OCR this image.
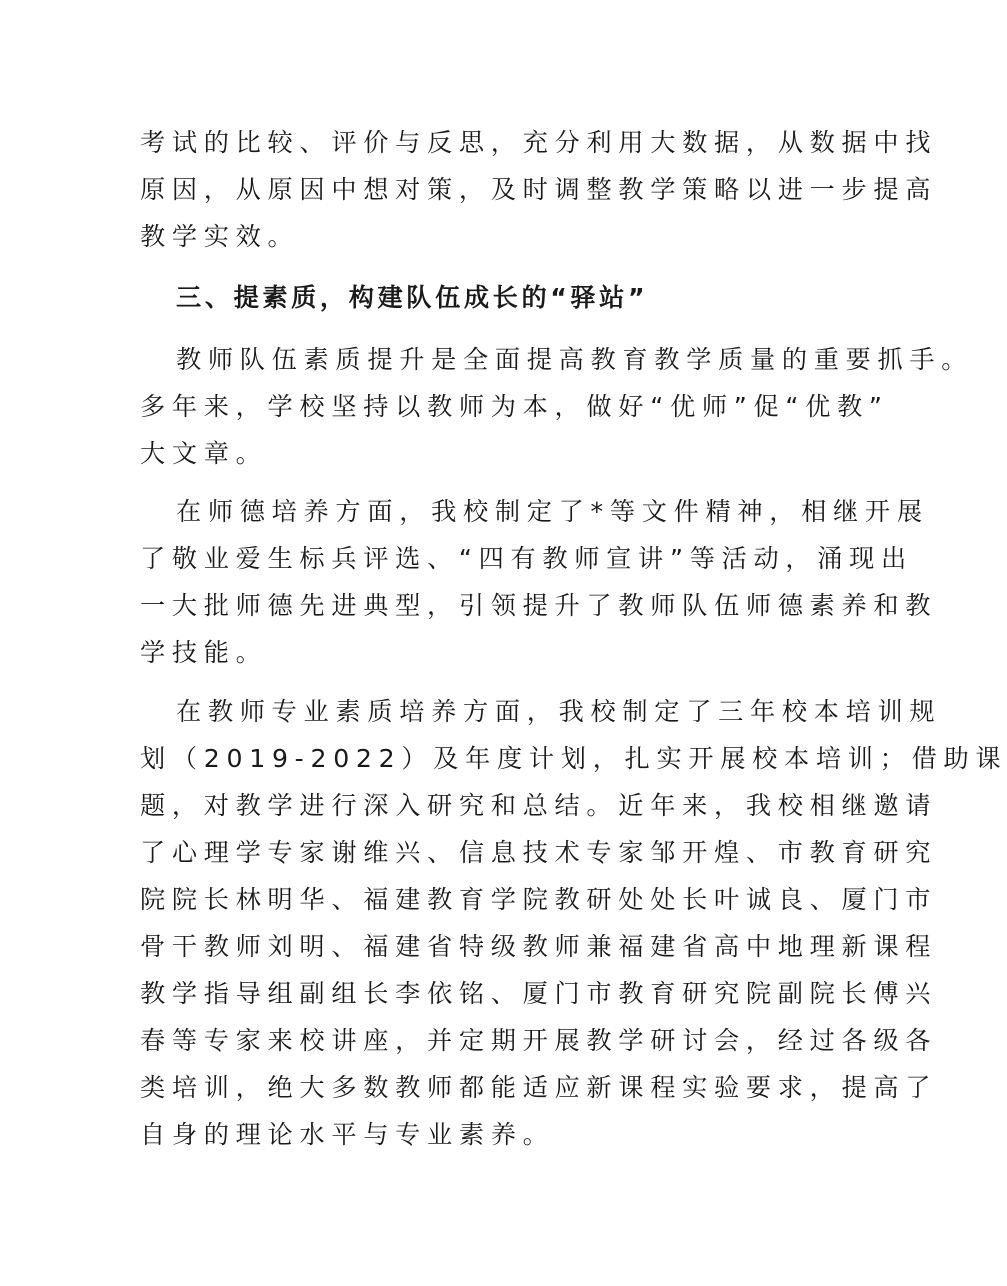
考试的比较、评价与反思，充分利用大数据，从数据中找
原因，从原因中想对策，及时调整教学策略以进一步提高
教学实效。
三、提素质，构建队伍成长的“驿站”
教师队伍素质提升是全面提高教育教学质量的重要抓手。
多年来，学校坚持以教师为本，做好“优师”促“优教”
大文章。
在师德培养方面，我校制定了*等文件精神，相继开展
了敬业爱生标兵评选、“四有教师宣讲”等活动，涌现出
一大批师德先进典型，引领提升了教师队伍师德素养和教
学技能。
在教师专业素质培养方面，我校制定了三年校本培训规
划（2019-2022）及年度计划，扎实开展校本培训；借助课
题，对教学进行深入研究和总结。近年来，我校相继邀请
了心理学专家谢维兴、信息技术专家邹开煌、市教育研究
院院长林明华、福建教育学院教研处处长叶诚良、厦门市
骨干教师刘明、福建省特级教师兼福建省高中地理新课程
教学指导组副组长李依铭、厦门市教育研究院副院长傅兴
春等专家来校讲座，并定期开展教学研讨会，经过各级各
类培训，绝大多数教师都能适应新课程实验要求，提高了
自身的理论水平与专业素养。
